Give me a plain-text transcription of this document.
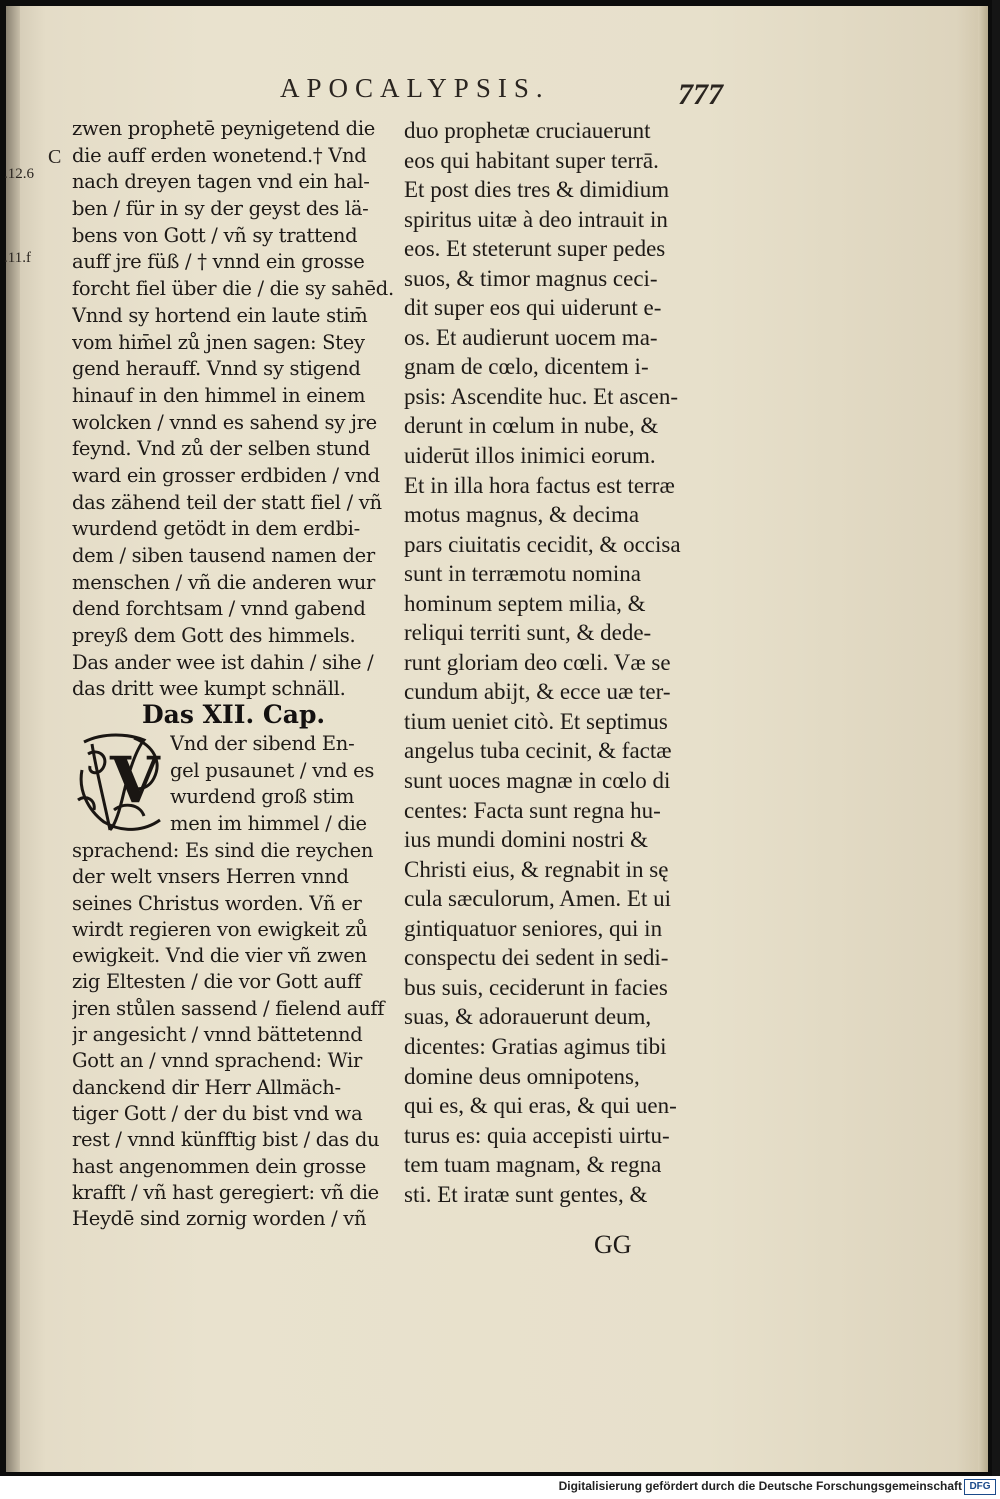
APOCALYPSIS.	777
C
.12.6
.11.f
zwen prophetē peynigetend die
die auff erden wonetend.† Vnd
nach dreyen tagen vnd ein hal-
ben / für in sy der geyst des lä-
bens von Gott / vñ sy trattend
auff jre füß / † vnnd ein grosse
forcht fiel über die / die sy sahēd.
Vnnd sy hortend ein laute stim̄
vom him̄el zů jnen sagen: Stey
gend herauff. Vnnd sy stigend
hinauf in den himmel in einem
wolcken / vnnd es sahend sy jre
feynd. Vnd zů der selben stund
ward ein grosser erdbiden / vnd
das zähend teil der statt fiel / vñ
wurdend getödt in dem erdbi-
dem / siben tausend namen der
menschen / vñ die anderen wur
dend forchtsam / vnnd gabend
preyß dem Gott des himmels.
Das ander wee ist dahin / sihe /
das dritt wee kumpt schnäll.
Das XII. Cap.
V Vnd der sibend En-
gel pusaunet / vnd es
wurdend groß stim
men im himmel / die
sprachend: Es sind die reychen
der welt vnsers Herren vnnd
seines Christus worden. Vñ er
wirdt regieren von ewigkeit zů
ewigkeit. Vnd die vier vñ zwen
zig Eltesten / die vor Gott auff
jren stůlen sassend / fielend auff
jr angesicht / vnnd bättetennd
Gott an / vnnd sprachend: Wir
danckend dir Herr Allmäch-
tiger Gott / der du bist vnd wa
rest / vnnd künfftig bist / das du
hast angenommen dein grosse
krafft / vñ hast geregiert: vñ die
Heydē sind zornig worden / vñ
duo prophetæ cruciauerunt
eos qui habitant super terrā.
Et post dies tres & dimidium
spiritus uitæ à deo intrauit in
eos. Et steterunt super pedes
suos, & timor magnus ceci-
dit super eos qui uiderunt e-
os. Et audierunt uocem ma-
gnam de cœlo, dicentem i-
psis: Ascendite huc. Et ascen-
derunt in cœlum in nube, &
uiderūt illos inimici eorum.
Et in illa hora factus est terræ
motus magnus, & decima
pars ciuitatis cecidit, & occisa
sunt in terræmotu nomina
hominum septem milia, &
reliqui territi sunt, & dede-
runt gloriam deo cœli. Væ se
cundum abijt, & ecce uæ ter-
tium ueniet citò. Et septimus
angelus tuba cecinit, & factæ
sunt uoces magnæ in cœlo di
centes: Facta sunt regna hu-
ius mundi domini nostri &
Christi eius, & regnabit in sę
cula sæculorum, Amen. Et ui
gintiquatuor seniores, qui in
conspectu dei sedent in sedi-
bus suis, ceciderunt in facies
suas, & adorauerunt deum,
dicentes: Gratias agimus tibi
domine deus omnipotens,
qui es, & qui eras, & qui uen-
turus es: quia accepisti uirtu-
tem tuam magnam, & regna
sti. Et iratæ sunt gentes, &
GG
Digitalisierung gefördert durch die Deutsche Forschungsgemeinschaft DFG
